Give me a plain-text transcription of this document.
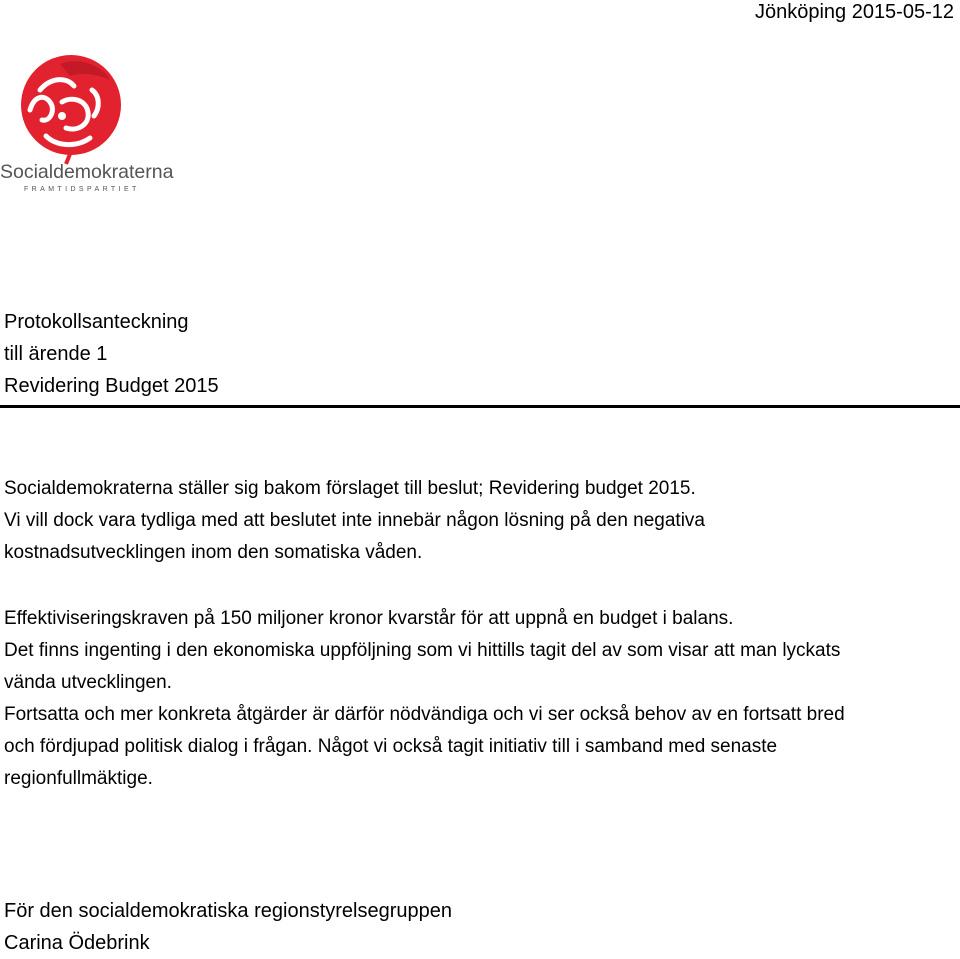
Jönköping 2015-05-12
Socialdemokraterna
FRAMTIDSPARTIET
Protokollsanteckning
till ärende 1
Revidering Budget 2015
Socialdemokraterna ställer sig bakom förslaget till beslut; Revidering budget 2015.
Vi vill dock vara tydliga med att beslutet inte innebär någon lösning på den negativa
kostnadsutvecklingen inom den somatiska våden.
Effektiviseringskraven på 150 miljoner kronor kvarstår för att uppnå en budget i balans.
Det finns ingenting i den ekonomiska uppföljning som vi hittills tagit del av som visar att man lyckats
vända utvecklingen.
Fortsatta och mer konkreta åtgärder är därför nödvändiga och vi ser också behov av en fortsatt bred
och fördjupad politisk dialog i frågan. Något vi också tagit initiativ till i samband med senaste
regionfullmäktige.
För den socialdemokratiska regionstyrelsegruppen
Carina Ödebrink
